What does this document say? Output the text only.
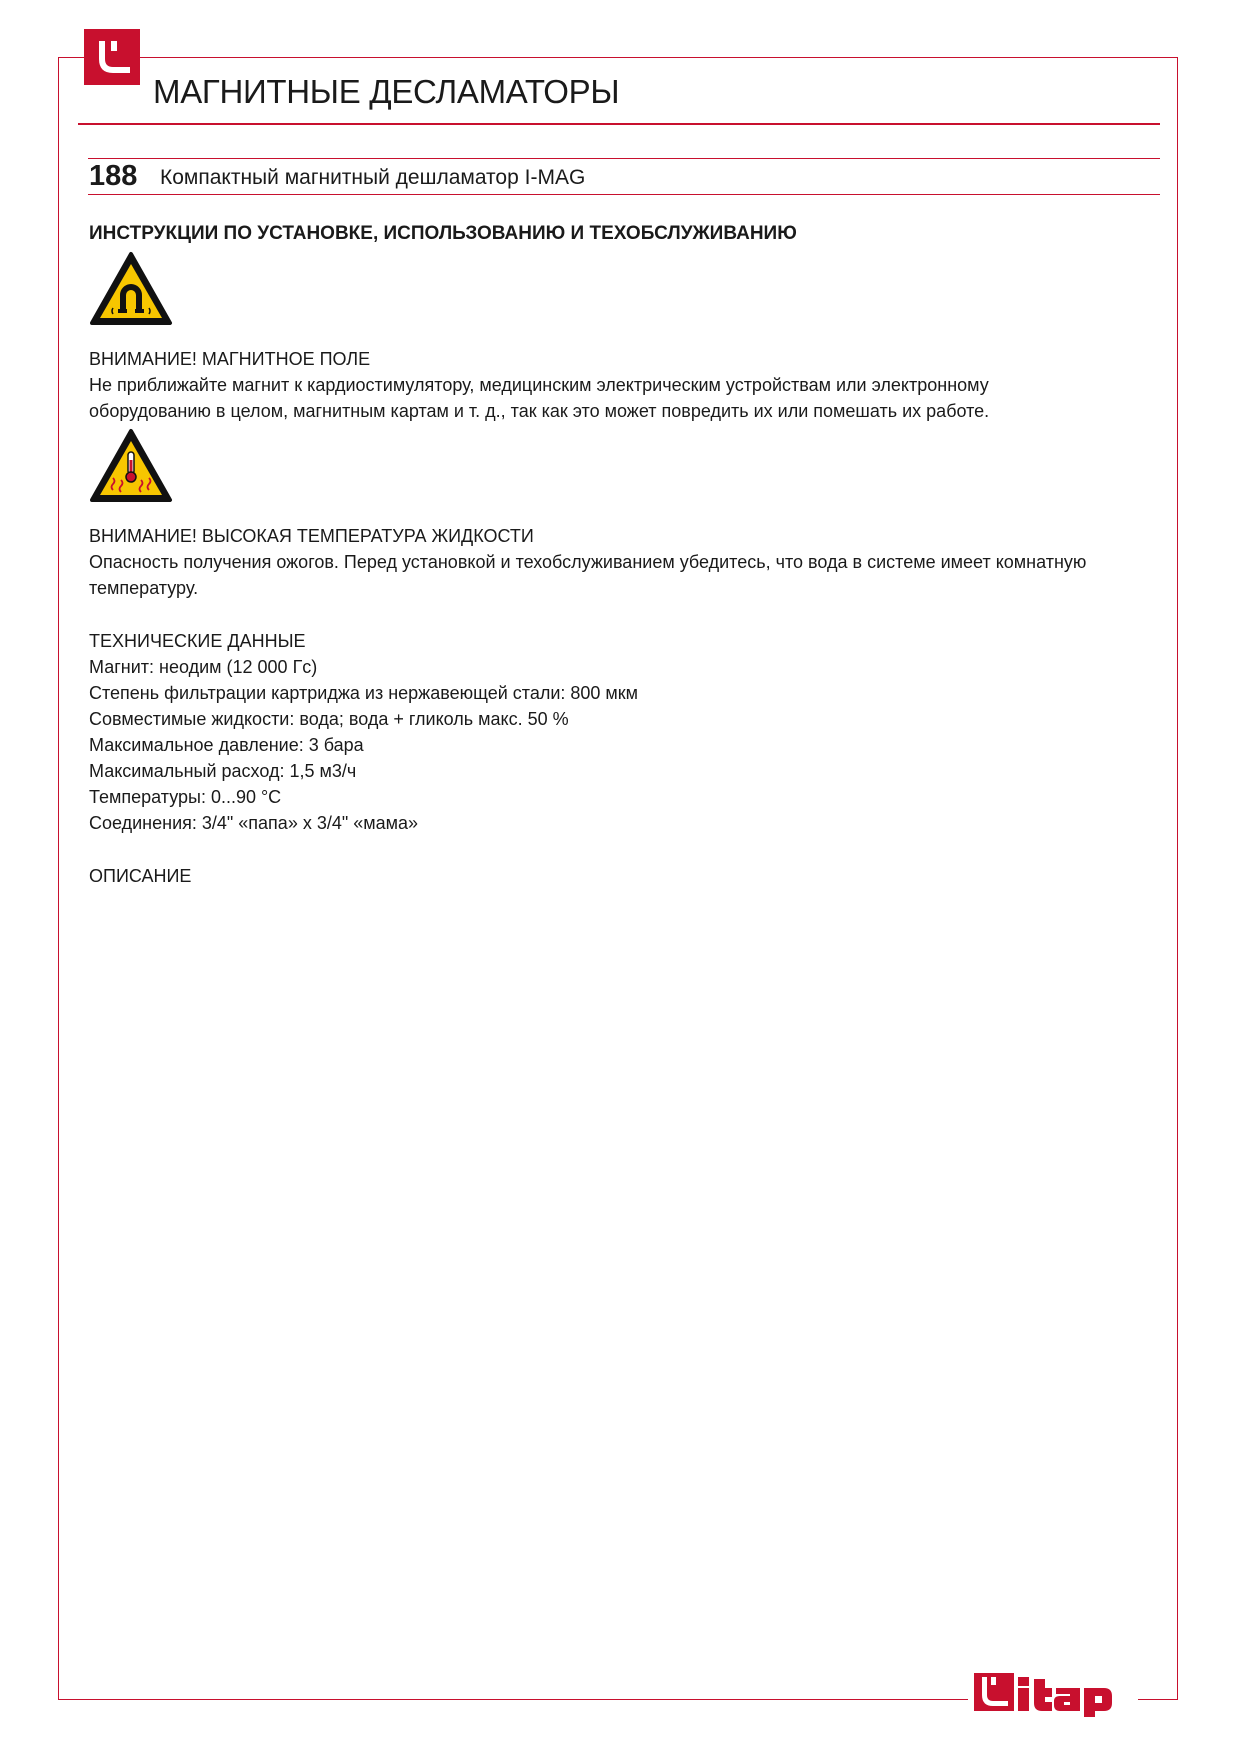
МАГНИТНЫЕ ДЕСЛАМАТОРЫ
188 Компактный магнитный дешламатор I-MAG
ИНСТРУКЦИИ ПО УСТАНОВКЕ, ИСПОЛЬЗОВАНИЮ И ТЕХОБСЛУЖИВАНИЮ

ВНИМАНИЕ! МАГНИТНОЕ ПОЛЕ

Не приближайте магнит к кардиостимулятору, медицинским электрическим устройствам или электронному

оборудованию в целом, магнитным картам и т. д., так как это может повредить их или помешать их работе.

ВНИМАНИЕ! ВЫСОКАЯ ТЕМПЕРАТУРА ЖИДКОСТИ

Опасность получения ожогов. Перед установкой и техобслуживанием убедитесь, что вода в системе имеет комнатную

температуру.

ТЕХНИЧЕСКИЕ ДАННЫЕ

Магнит: неодим (12 000 Гс)

Степень фильтрации картриджа из нержавеющей стали: 800 мкм

Совместимые жидкости: вода; вода + гликоль макс. 50 %

Максимальное давление: 3 бара

Максимальный расход: 1,5 м3/ч

Температуры: 0...90 °C

Соединения: 3/4" «папа» x 3/4" «мама»

ОПИСАНИЕ
